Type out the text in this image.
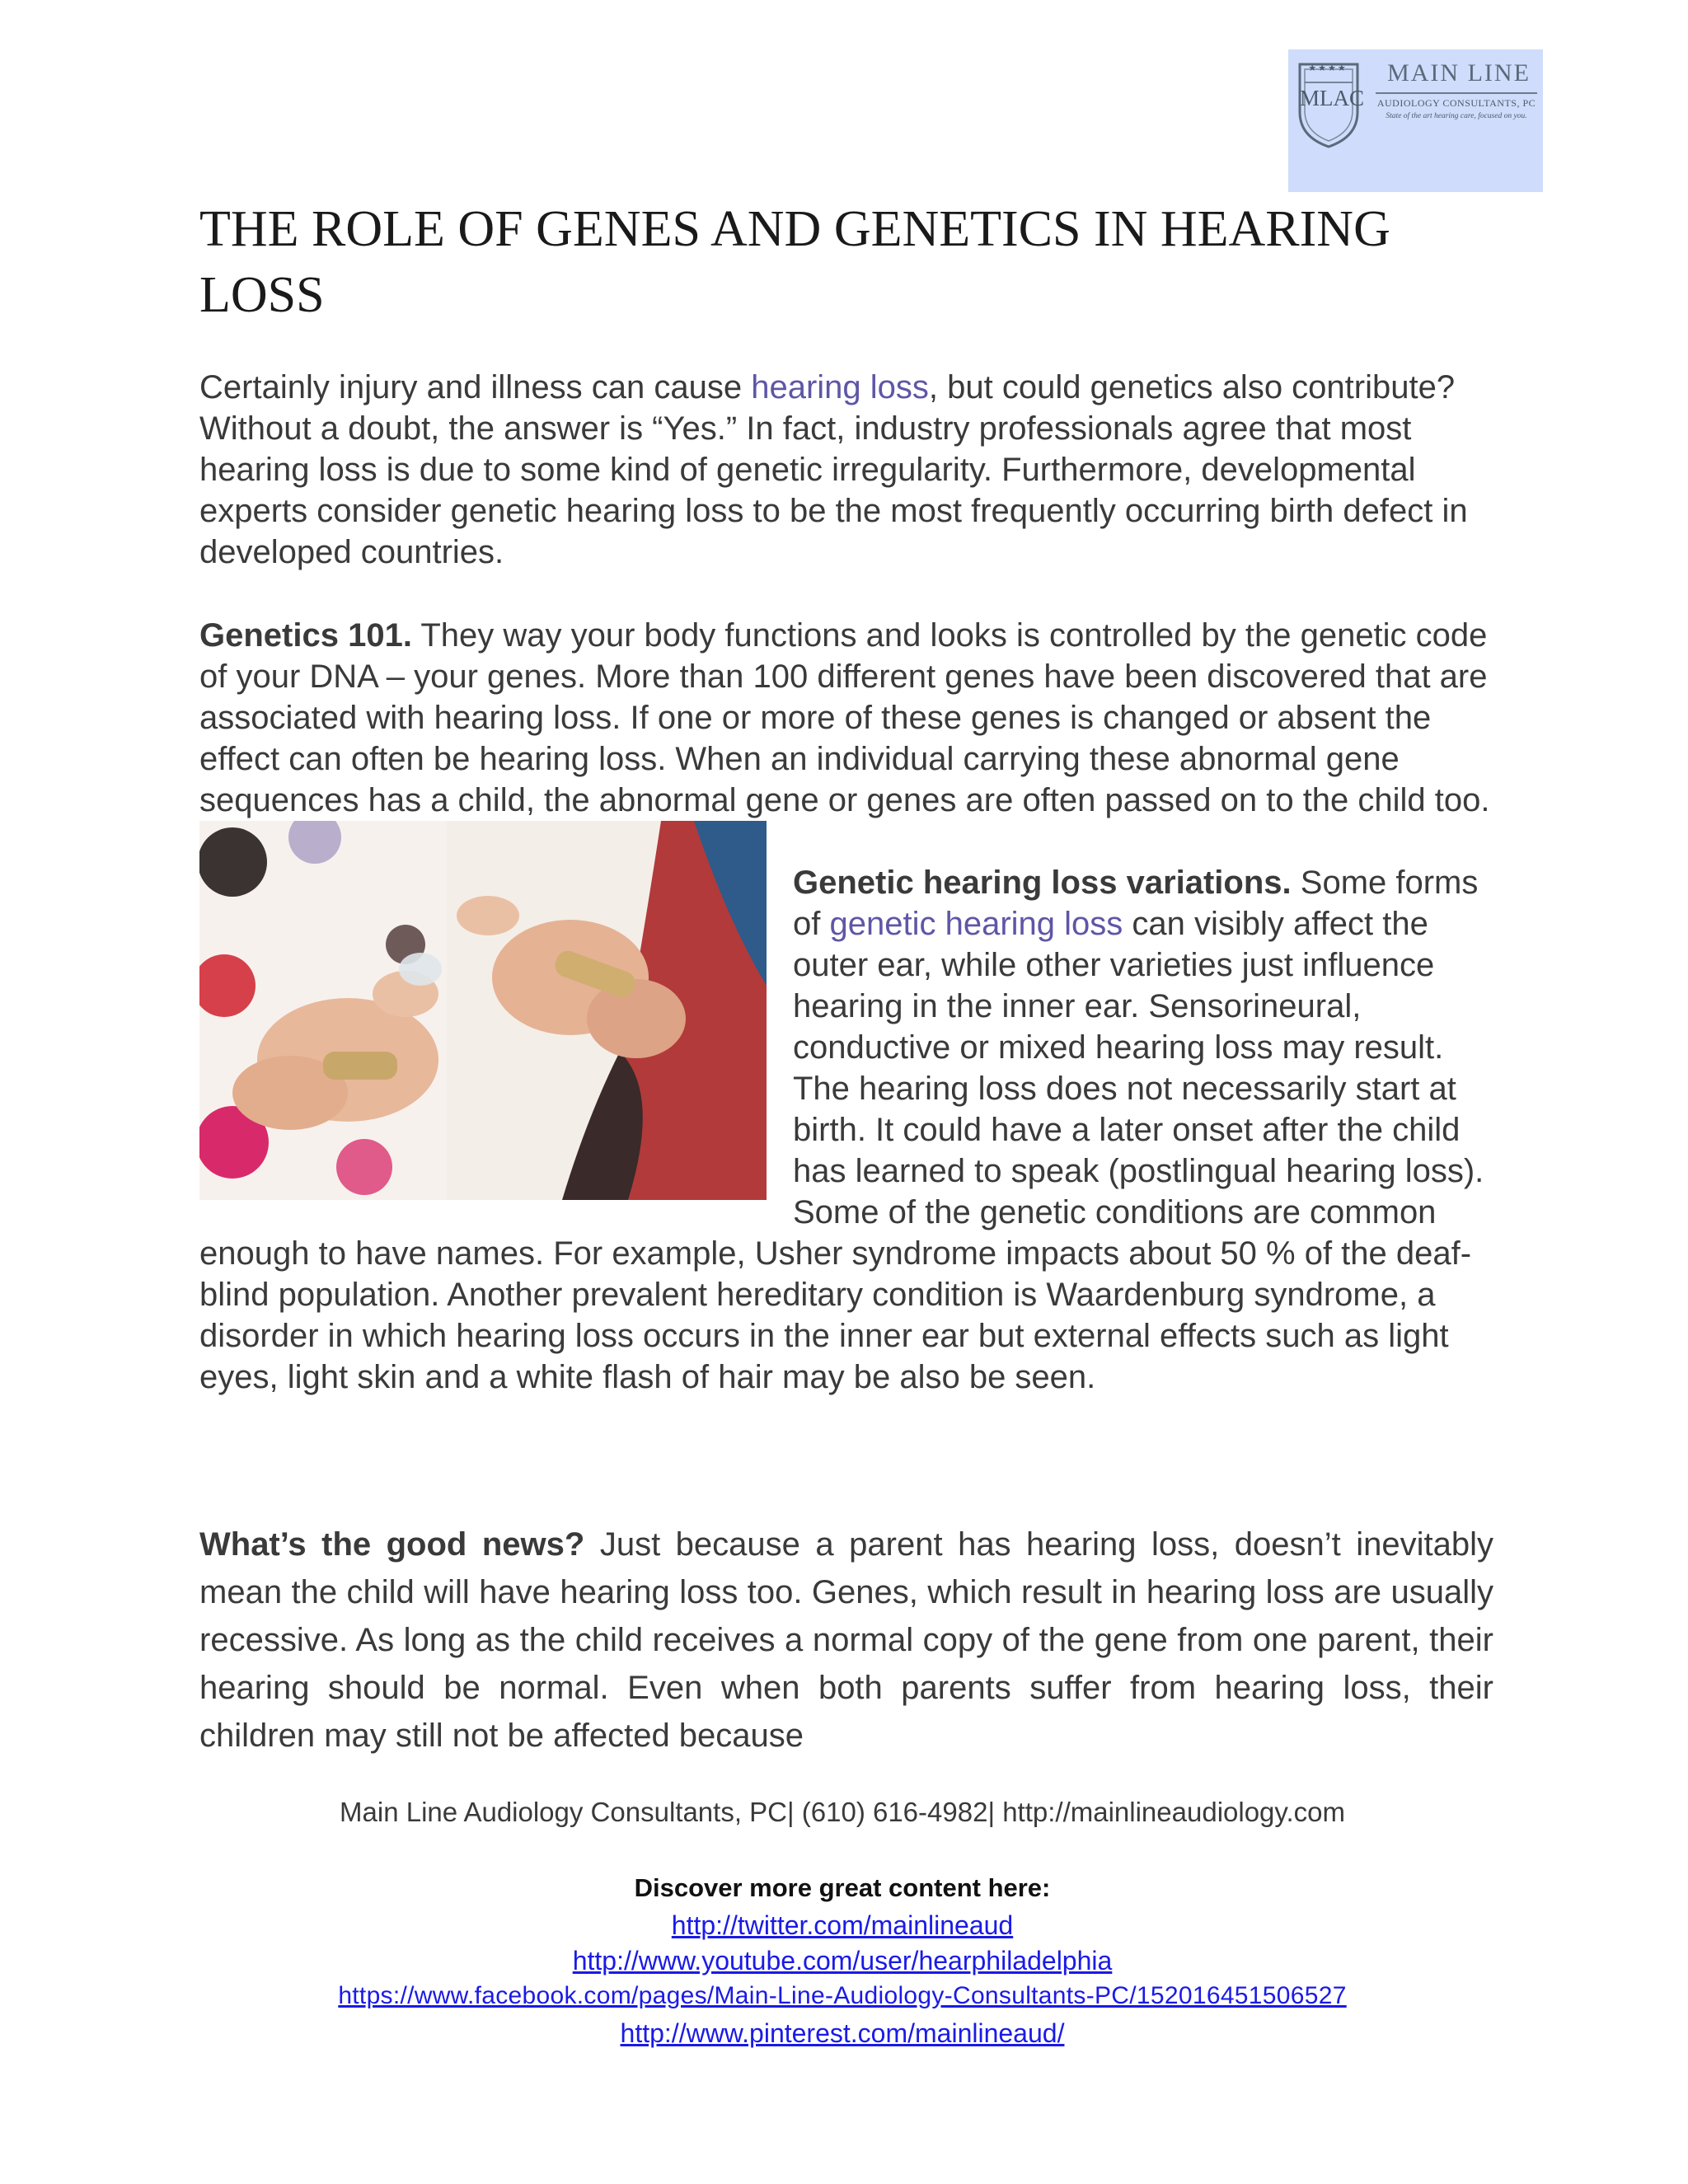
★★★★
MLAC
MAIN LINE
AUDIOLOGY CONSULTANTS, PC
State of the art hearing care, focused on you.
THE ROLE OF GENES AND GENETICS IN HEARING LOSS

Certainly injury and illness can cause hearing loss, but could genetics also contribute? Without a doubt, the answer is “Yes.” In fact, industry professionals agree that most hearing loss is due to some kind of genetic irregularity. Furthermore, developmental experts consider genetic hearing loss to be the most frequently occurring birth defect in developed countries.

Genetics 101. They way your body functions and looks is controlled by the genetic code of your DNA – your genes. More than 100 different genes have been discovered that are associated with hearing loss. If one or more of these genes is changed or absent the effect can often be hearing loss. When an individual carrying these abnormal gene sequences has a child, the abnormal gene or genes are often passed on to the child too.
Genetic hearing loss variations. Some forms of genetic hearing loss can visibly affect the outer ear, while other varieties just influence hearing in the inner ear. Sensorineural, conductive or mixed hearing loss may result. The hearing loss does not necessarily start at birth. It could have a later onset after the child has learned to speak (postlingual hearing loss). Some of the genetic conditions are common enough to have names. For example, Usher syndrome impacts about 50 % of the deaf-blind population. Another prevalent hereditary condition is Waardenburg syndrome, a disorder in which hearing loss occurs in the inner ear but external effects such as light eyes, light skin and a white flash of hair may be also be seen.

What’s the good news? Just because a parent has hearing loss, doesn’t inevitably mean the child will have hearing loss too. Genes, which result in hearing loss are usually recessive. As long as the child receives a normal copy of the gene from one parent, their hearing should be normal. Even when both parents suffer from hearing loss, their children may still not be affected because

Main Line Audiology Consultants, PC| (610) 616-4982| http://mainlineaudiology.com
Discover more great content here:
http://twitter.com/mainlineaud
http://www.youtube.com/user/hearphiladelphia
https://www.facebook.com/pages/Main-Line-Audiology-Consultants-PC/152016451506527
http://www.pinterest.com/mainlineaud/
